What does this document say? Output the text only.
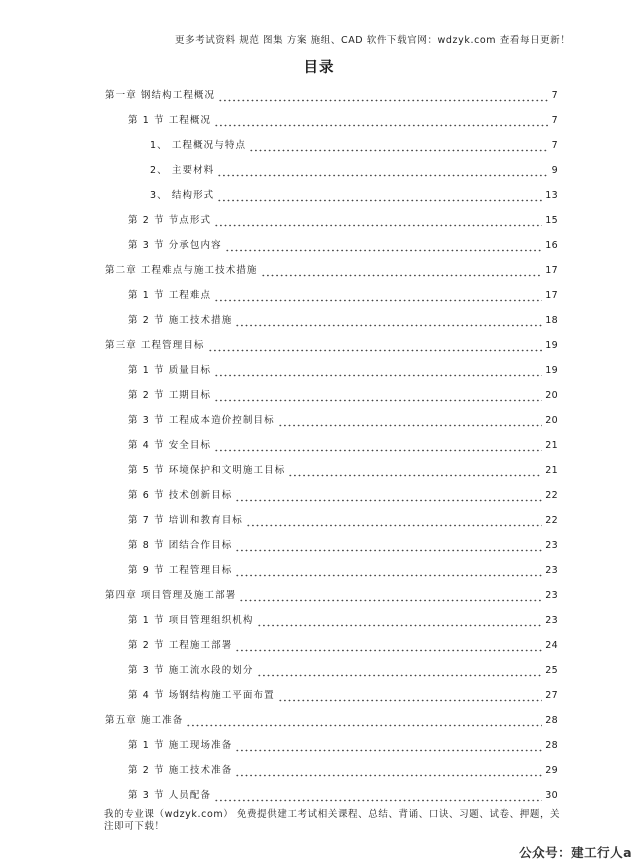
更多考试资料 规范 图集 方案 施组、CAD 软件下载官网：wdzyk.com 查看每日更新！
目录
第一章 钢结构工程概况	7
第 1 节 工程概况	7
1、 工程概况与特点	7
2、 主要材料	9
3、 结构形式	13
第 2 节 节点形式	15
第 3 节 分承包内容	16
第二章 工程难点与施工技术措施	17
第 1 节 工程难点	17
第 2 节 施工技术措施	18
第三章 工程管理目标	19
第 1 节 质量目标	19
第 2 节 工期目标	20
第 3 节 工程成本造价控制目标	20
第 4 节 安全目标	21
第 5 节 环境保护和文明施工目标	21
第 6 节 技术创新目标	22
第 7 节 培训和教育目标	22
第 8 节 团结合作目标	23
第 9 节 工程管理目标	23
第四章 项目管理及施工部署	23
第 1 节 项目管理组织机构	23
第 2 节 工程施工部署	24
第 3 节 施工流水段的划分	25
第 4 节 场钢结构施工平面布置	27
第五章 施工准备	28
第 1 节 施工现场准备	28
第 2 节 施工技术准备	29
第 3 节 人员配备	30
我的专业课（wdzyk.com） 免费提供建工考试相关课程、总结、背诵、口诀、习题、试卷、押题，关注即可下载！
公众号：建工行人a
